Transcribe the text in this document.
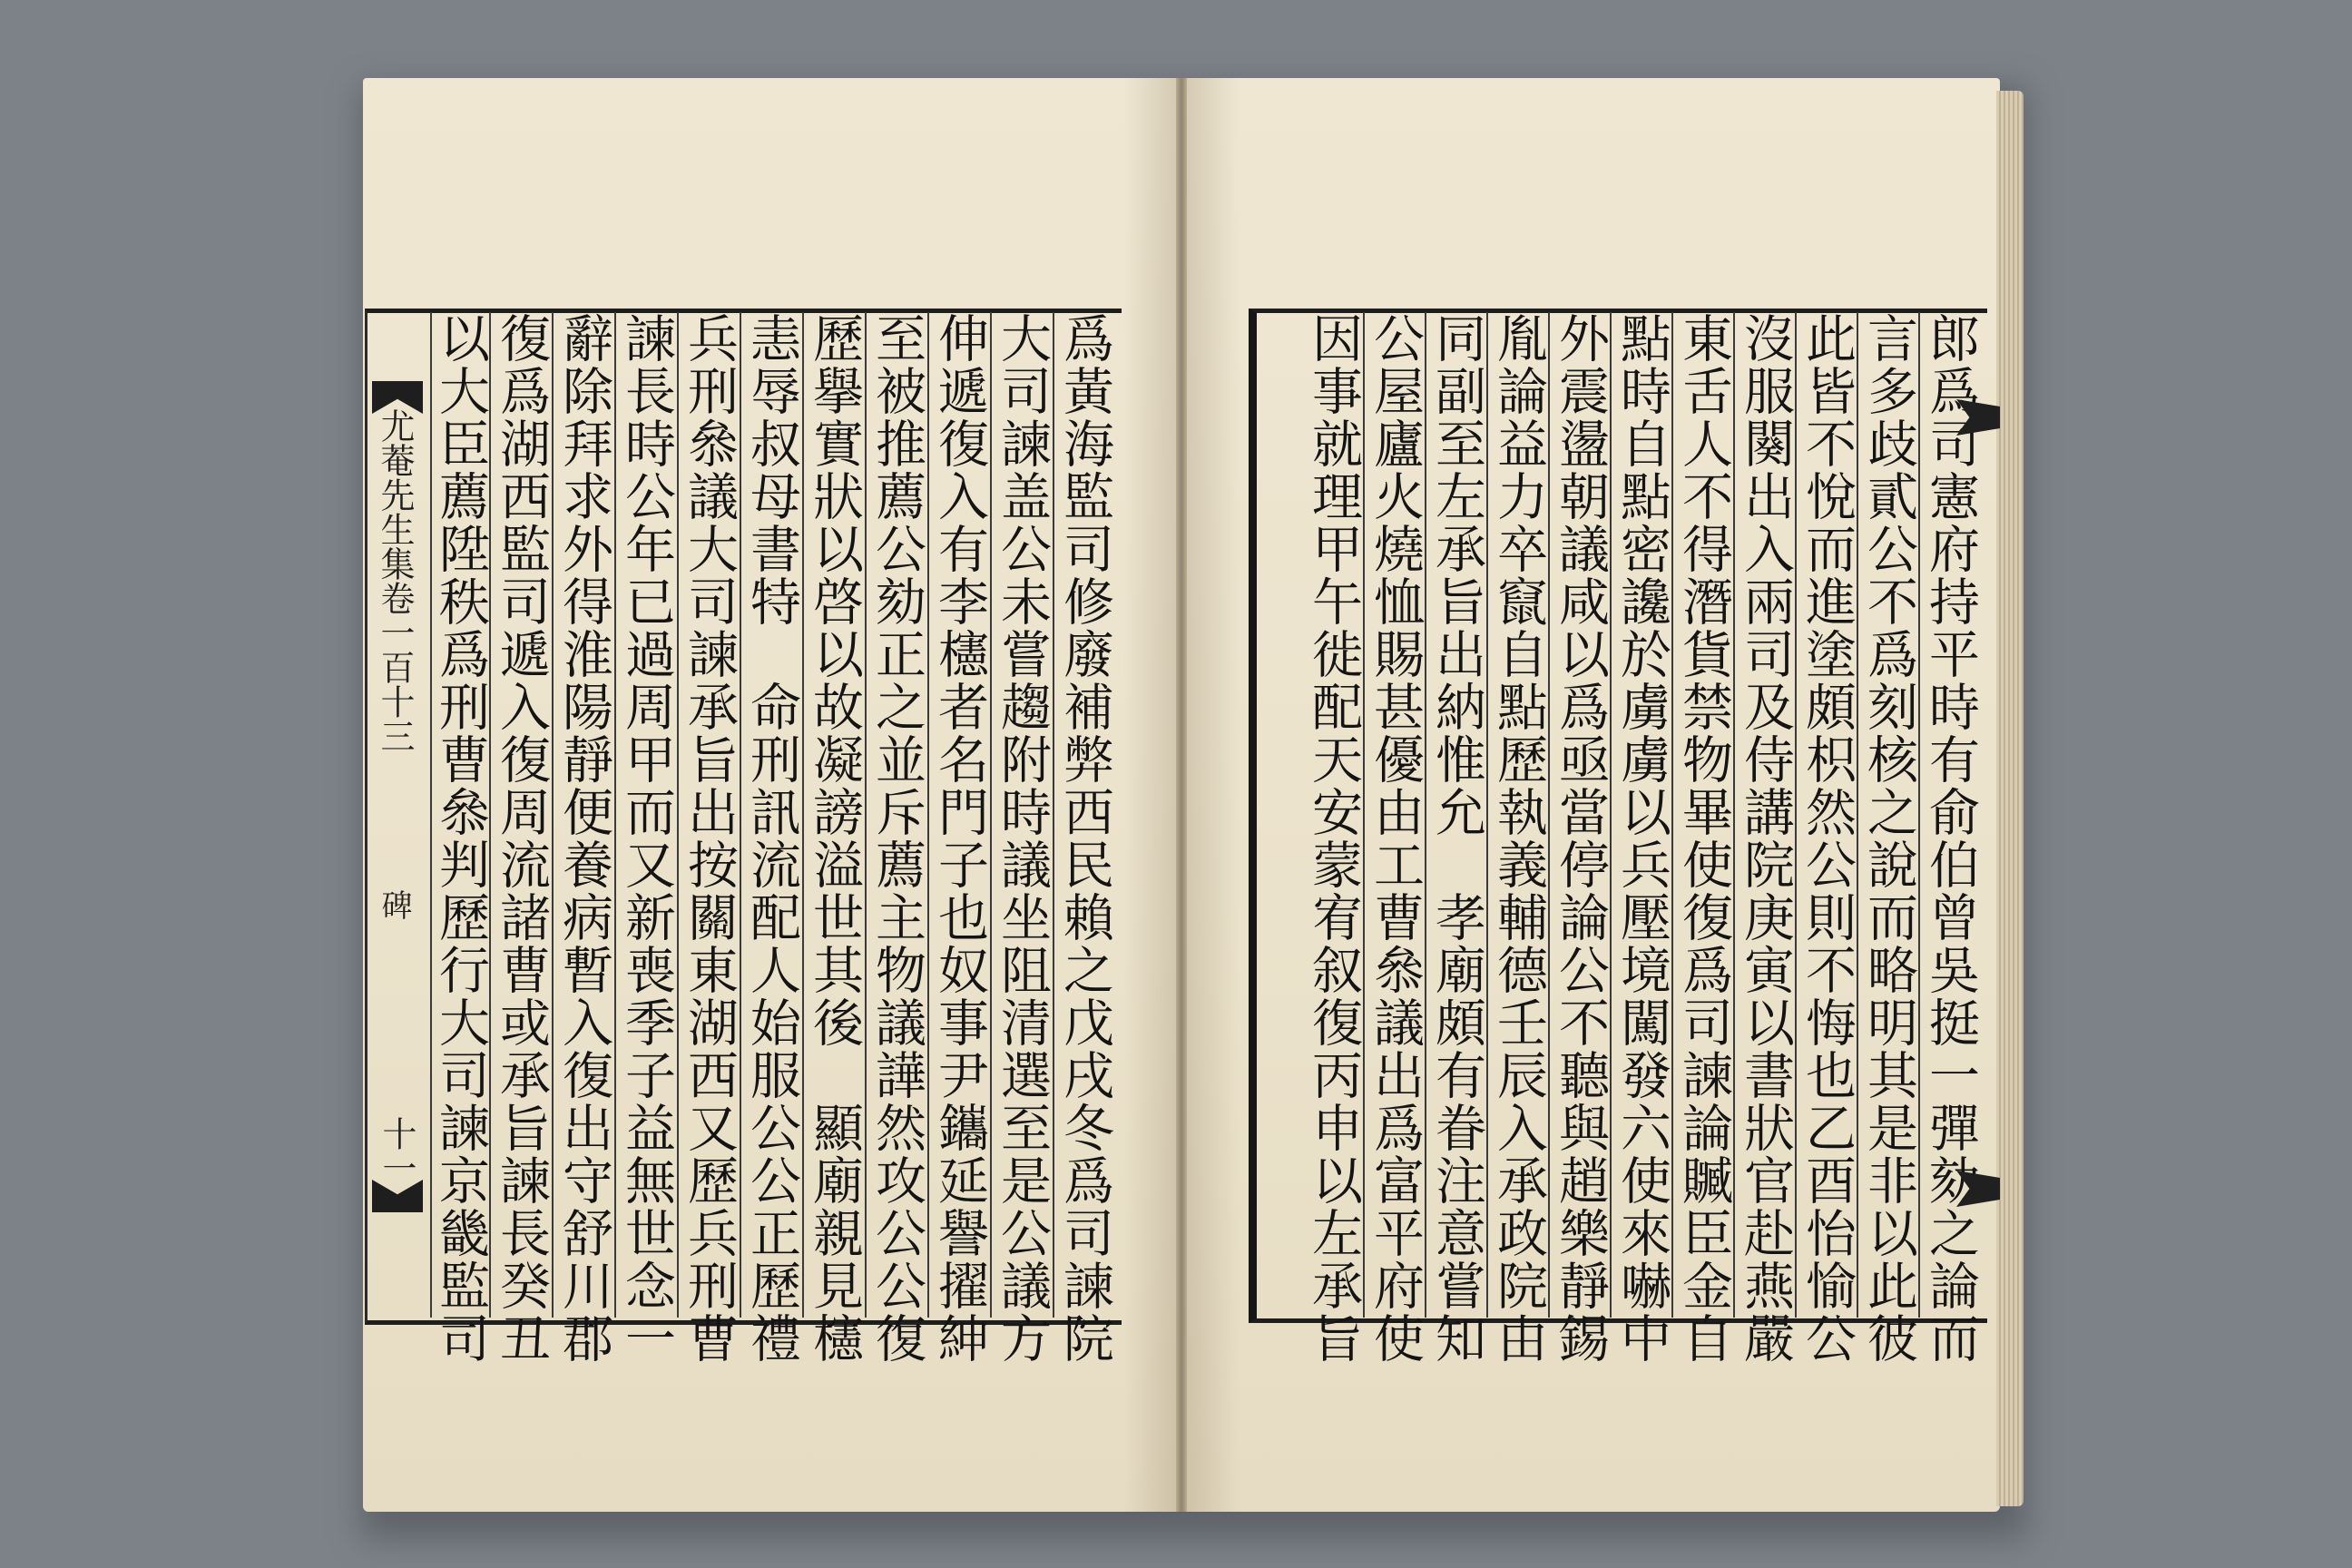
尤菴先生集卷一百十三
碑
十一	爲黃海監司修廢補弊西民賴之戊戌冬爲司諫院
大司諫盖公未嘗趨附時議坐阻清選至是公議方
伸遞復入有李櫶者名門子也奴事尹鑴延譽擢紳
至被推薦公劾正之並斥薦主物議譁然攻公公復
歷擧實狀以啓以故凝謗溢世其後　顯廟親見櫶
恚辱叔母書特　命刑訊流配人始服公公正歷禮
兵刑叅議大司諫承旨出按關東湖西又歷兵刑曹
諫長時公年已過周甲而又新喪季子益無世念一
辭除拜求外得淮陽靜便養病暫入復出守舒川郡
復爲湖西監司遞入復周流諸曹或承旨諫長癸丑
以大臣薦陞秩爲刑曹叅判歷行大司諫京畿監司	郎爲司憲府持平時有俞伯曾吳挺一彈劾之論而
言多歧貳公不爲刻核之說而略明其是非以此彼
此皆不悅而進塗頗枳然公則不悔也乙酉怡愉公
沒服闋出入兩司及侍講院庚寅以書狀官赴燕嚴
東舌人不得潛貨禁物畢使復爲司諫論贓臣金自
點時自點密讒於虜虜以兵壓境闖發六使來嚇中
外震盪朝議咸以爲亟當停論公不聽與趙樂靜錫
胤論益力卒竄自點歷執義輔德壬辰入承政院由
同副至左承旨出納惟允　孝廟頗有眷注意嘗知
公屋廬火燒恤賜甚優由工曹叅議出爲富平府使
因事就理甲午徙配天安蒙宥叙復丙申以左承旨
